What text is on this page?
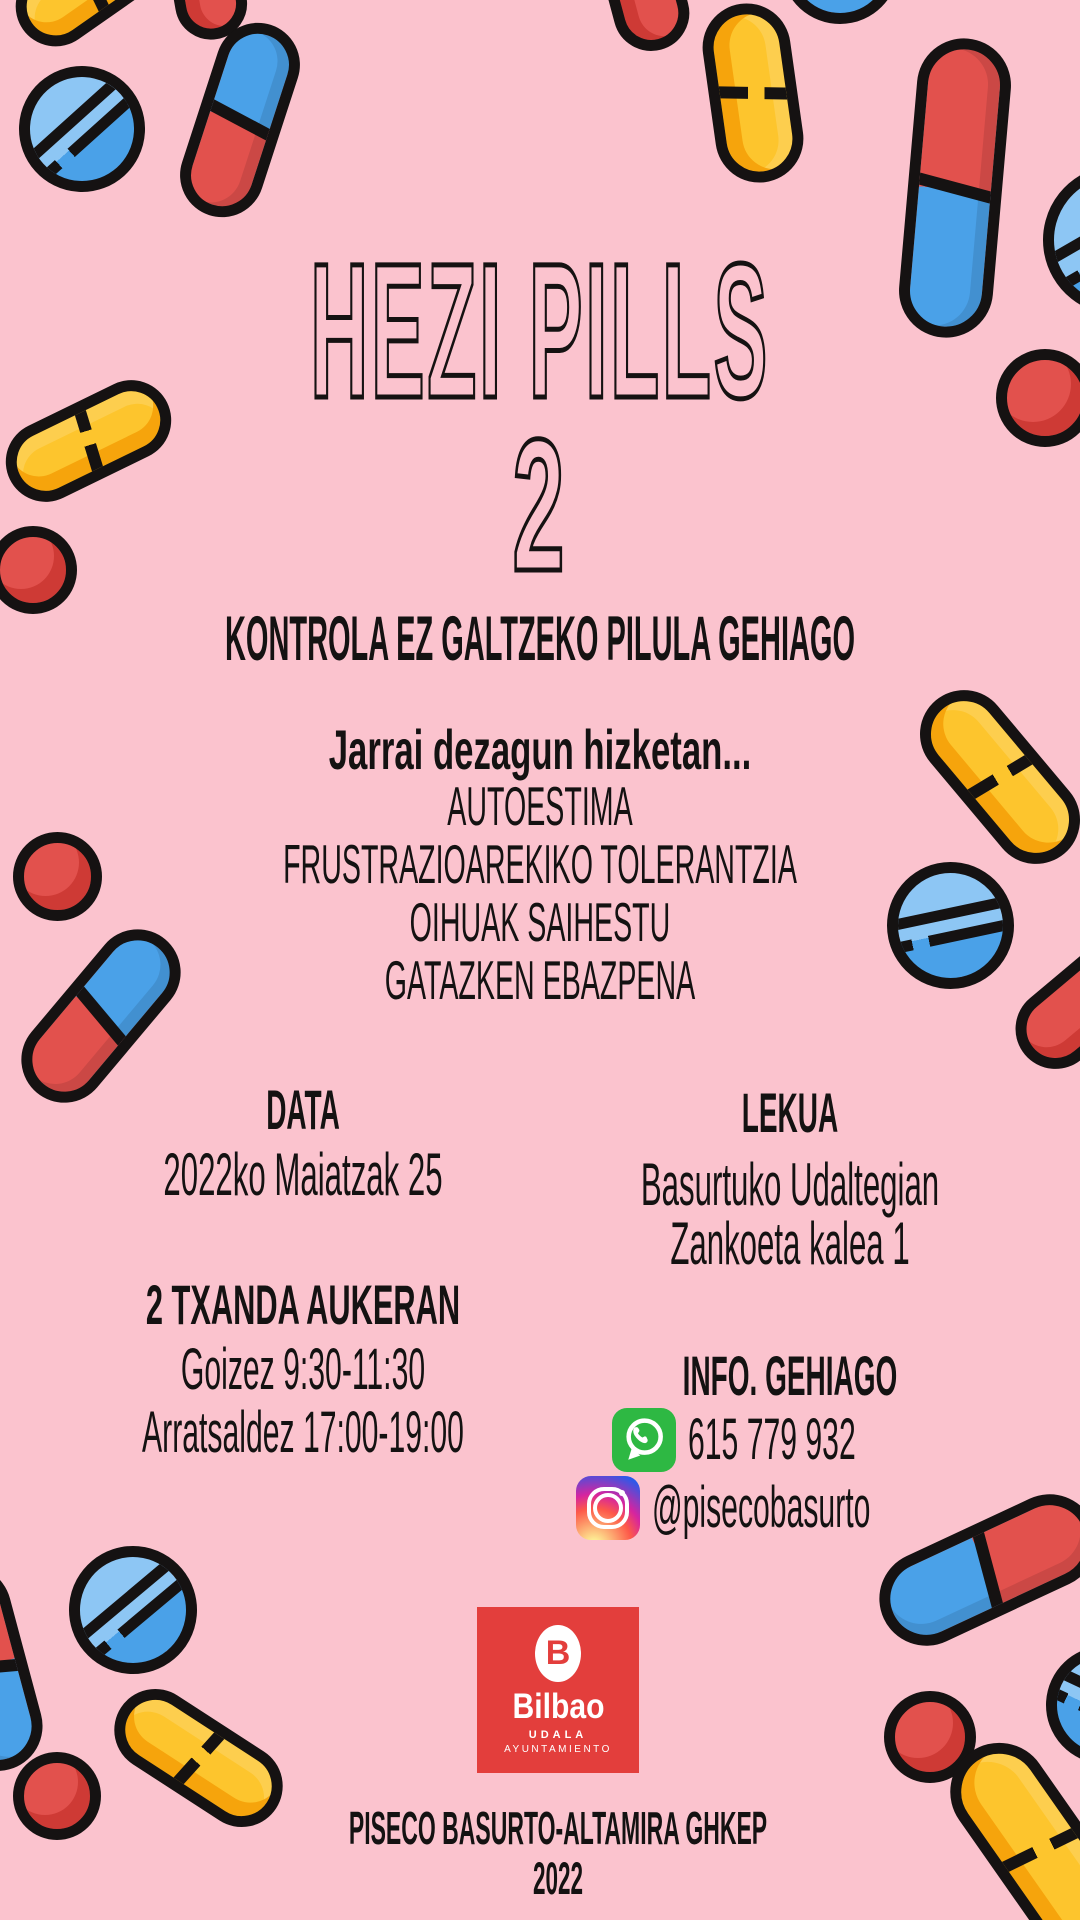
HEZI PILLS
2
KONTROLA EZ GALTZEKO PILULA GEHIAGO
Jarrai dezagun hizketan...
AUTOESTIMA
FRUSTRAZIOAREKIKO TOLERANTZIA
OIHUAK SAIHESTU
GATAZKEN EBAZPENA
DATA
2022ko Maiatzak 25
LEKUA
Basurtuko Udaltegian
Zankoeta kalea 1
2 TXANDA AUKERAN
Goizez 9:30-11:30
Arratsaldez 17:00-19:00
INFO. GEHIAGO
615 779 932
@pisecobasurto
B
Bilbao
UDALA
AYUNTAMIENTO
PISECO BASURTO-ALTAMIRA GHKEP
2022
